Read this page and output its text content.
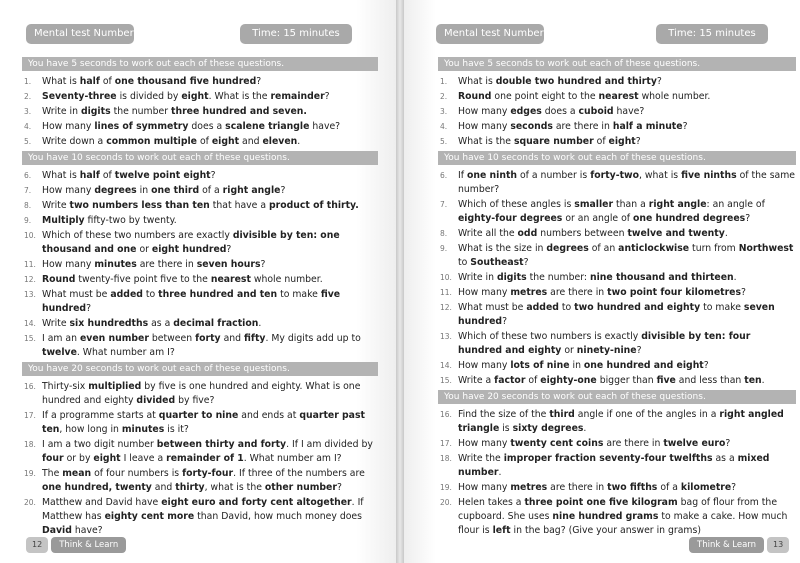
Mental test Number 10	Time: 15 minutes
You have 5 seconds to work out each of these questions.
1.	What is half of one thousand five hundred?
2.	Seventy-three is divided by eight. What is the remainder?
3.	Write in digits the number three hundred and seven.
4.	How many lines of symmetry does a scalene triangle have?
5.	Write down a common multiple of eight and eleven.
You have 10 seconds to work out each of these questions.
6.	What is half of twelve point eight?
7.	How many degrees in one third of a right angle?
8.	Write two numbers less than ten that have a product of thirty.
9.	Multiply fifty-two by twenty.
10. Which of these two numbers are exactly divisible by ten: one thousand and one or eight hundred?
11. How many minutes are there in seven hours?
12. Round twenty-five point five to the nearest whole number.
13. What must be added to three hundred and ten to make five hundred?
14. Write six hundredths as a decimal fraction.
15. I am an even number between forty and fifty. My digits add up to twelve. What number am I?
You have 20 seconds to work out each of these questions.
16. Thirty-six multiplied by five is one hundred and eighty. What is one hundred and eighty divided by five?
17. If a programme starts at quarter to nine and ends at quarter past ten, how long in minutes is it?
18. I am a two digit number between thirty and forty. If I am divided by four or by eight I leave a remainder of 1. What number am I?
19. The mean of four numbers is forty-four. If three of the numbers are one hundred, twenty and thirty, what is the other number?
20. Matthew and David have eight euro and forty cent altogether. If Matthew has eighty cent more than David, how much money does David have?
12	Think & Learn
Mental test Number 11	Time: 15 minutes
You have 5 seconds to work out each of these questions.
1.	What is double two hundred and thirty?
2.	Round one point eight to the nearest whole number.
3.	How many edges does a cuboid have?
4.	How many seconds are there in half a minute?
5.	What is the square number of eight?
You have 10 seconds to work out each of these questions.
6.	If one ninth of a number is forty-two, what is five ninths of the same number?
7.	Which of these angles is smaller than a right angle: an angle of eighty-four degrees or an angle of one hundred degrees?
8.	Write all the odd numbers between twelve and twenty.
9.	What is the size in degrees of an anticlockwise turn from Northwest to Southeast?
10. Write in digits the number: nine thousand and thirteen.
11. How many metres are there in two point four kilometres?
12. What must be added to two hundred and eighty to make seven hundred?
13. Which of these two numbers is exactly divisible by ten: four hundred and eighty or ninety-nine?
14. How many lots of nine in one hundred and eight?
15. Write a factor of eighty-one bigger than five and less than ten.
You have 20 seconds to work out each of these questions.
16. Find the size of the third angle if one of the angles in a right angled triangle is sixty degrees.
17. How many twenty cent coins are there in twelve euro?
18. Write the improper fraction seventy-four twelfths as a mixed number.
19. How many metres are there in two fifths of a kilometre?
20. Helen takes a three point one five kilogram bag of flour from the cupboard. She uses nine hundred grams to make a cake. How much flour is left in the bag? (Give your answer in grams)
Think & Learn	13
